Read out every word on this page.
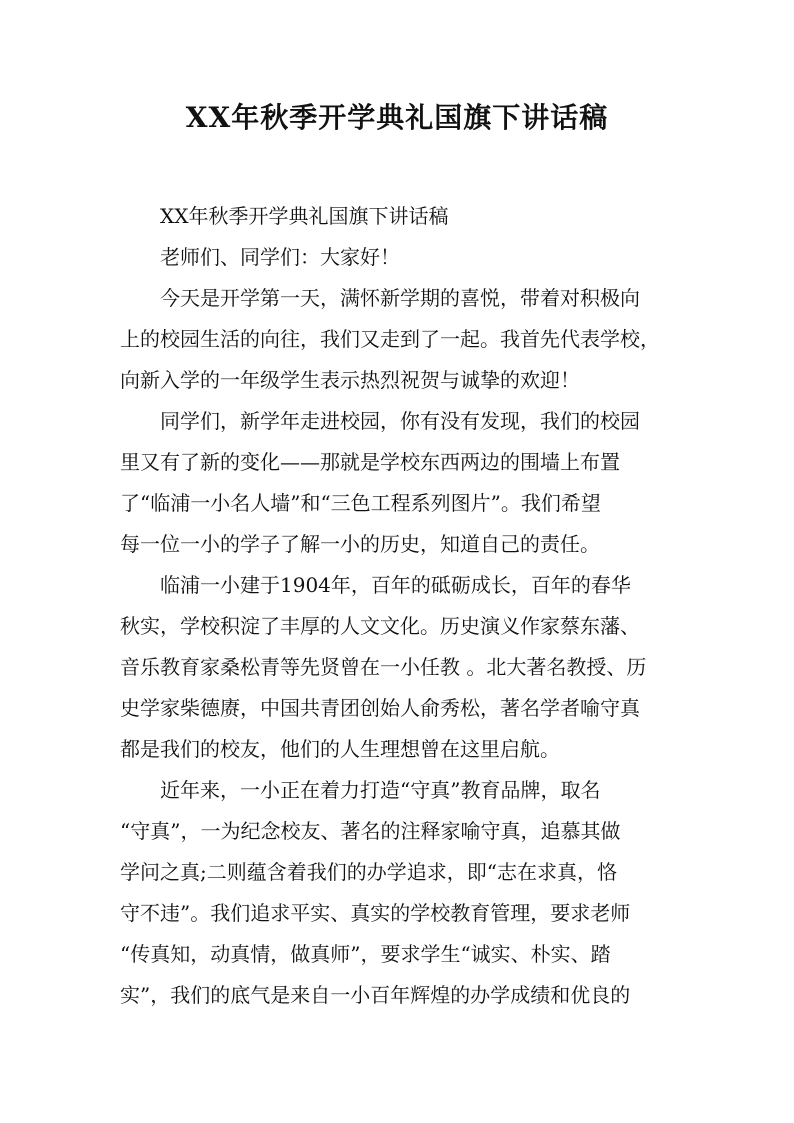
XX年秋季开学典礼国旗下讲话稿
XX年秋季开学典礼国旗下讲话稿
老师们、同学们：大家好！
今天是开学第一天，满怀新学期的喜悦，带着对积极向
上的校园生活的向往，我们又走到了一起。我首先代表学校，
向新入学的一年级学生表示热烈祝贺与诚挚的欢迎！
同学们，新学年走进校园，你有没有发现，我们的校园
里又有了新的变化——那就是学校东西两边的围墙上布置
了“临浦一小名人墙”和“三色工程系列图片”。我们希望
每一位一小的学子了解一小的历史，知道自己的责任。
临浦一小建于1904年，百年的砥砺成长，百年的春华
秋实，学校积淀了丰厚的人文文化。历史演义作家蔡东藩、
音乐教育家桑松青等先贤曾在一小任教 。北大著名教授、历
史学家柴德赓，中国共青团创始人俞秀松，著名学者喻守真
都是我们的校友，他们的人生理想曾在这里启航。
近年来，一小正在着力打造“守真”教育品牌，取名
“守真”，一为纪念校友、著名的注释家喻守真，追慕其做
学问之真;二则蕴含着我们的办学追求，即“志在求真，恪
守不违”。我们追求平实、真实的学校教育管理，要求老师
“传真知，动真情，做真师”，要求学生“诚实、朴实、踏
实”，我们的底气是来自一小百年辉煌的办学成绩和优良的
